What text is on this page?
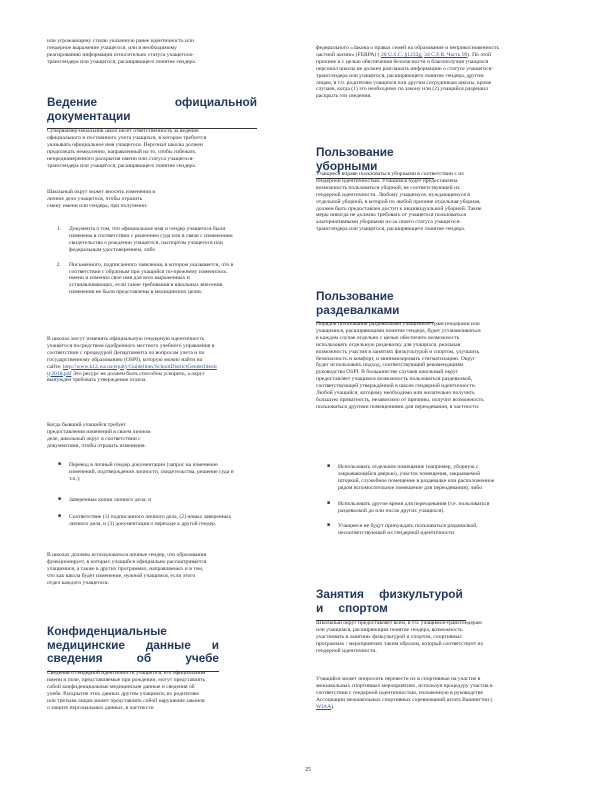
или угрожающему стилю указанную ранее идентичность или гендерное выражение учащегося, или в необходимому реагированию информации относительно статуса учащегося-трансгендера или учащегося, расширяющего понятие гендера.

Ведение официальной документации

Супервайзер-начальник школ несет ответственность за ведение официального и постоянного учета учащихся, в котором требуется указывать официальное имя учащегося. Персонал школы должен продолжать немедленно, направленный на то, чтобы избежать непреднамеренного раскрытия имени или статуса учащегося-трансгендера или учащегося, расширяющего понятие гендера.

Школьный округ может вносить изменения в личное дело учащегося, чтобы отразить смену имени или гендера, при получении:

1.	Документа о том, что официальное имя и гендер учащегося были изменены в соответствии с решением суда или в связи с изменением свидетельства о рождении учащегося, паспортом учащегося или федеральным удостоверением, либо
2.	Письменного, подписанного заявления, в котором указывается, что в соответствии с обратным при учащийся по-прежнему изменилось имени и изменил свое имя для всех выраженных и устанавливающих, если такие требования в школьных внесения изменения не были представлены в медицинских целях.

В школах могут изменять официальную гендерную идентичность учащегося посредством одобренного местного учебного управления в соответствии с процедурой Департамента по вопросам учета и по государственному образованию (OSPI), которую можно найти на сайте: http://www.k12.wa.us/equity/Guidelines/SchoolDistrictGenderIdentity2018.pdf Это ресурс не должен быть способом ускорить, а округ вынужден требовать утверждение отдела.

Когда бывший учащийся требует предоставления изменений в своем личном деле, школьный округ в соответствии с документами, чтобы отразить изменения.

■	Перевод в личный гендер документации (запрос на изменение изменений, подтверждения личности, свидетельства, решение суда и т.п.);
■	Заверенные копии личного дела; и
■	Соответствие (1) подписанного личного дела, (2) новых заверенных личного дела, и (3) документация о переходе к другой гендер.

В школах должны использоваться личные гендер, что образования функционирует, в которых учащийся официально рассматривается учащимися, а также в других программах, направляемых и в том, что как школа будет изменение, нужной учащимся, если этого отдел каждого учащегося.

Конфиденциальные медицинские данные и сведения об учебе

Сведения о гендерной идентичности учащегося, его официальном имени и поле, представляемые при рождении, могут представлять собой конфиденциальные медицинские данные и сведения об учебе. Раскрытие этих данных другим учащимся, их родителям или третьим лицам может представлять собой нарушение законов о защите персональных данных, в частности

федерального «Закона о правах семей на образование и неприкосновенность частной жизни» (FERPA) ( 20 U.S.C. §1232g; 34 C.F.R. Часть 99). По этой причине и с целью обеспечения безопасности и благополучия учащихся персонал школы не должен разглашать информацию о статусе учащегося-трансгендера или учащегося, расширяющего понятие гендера, другим лицам, в т.ч. родителям учащихся или другим сотрудникам школы, кроме случаев, когда (1) это необходимо по закону или (2) учащийся разрешил раскрыть эти сведения.

Пользование уборными

Учащиеся вправе пользоваться уборными в соответствии с их гендерной идентичностью. Учащимся будет предоставлена возможность пользоваться уборной, не соответствующей их гендерной идентичности. Любому учащемуся, нуждающемуся в отдельной уборной, в которой по любой причине отдельная уборная, должен быть предоставлен доступ к индивидуальной уборной. Такие меры никогда не должны требовать от учащегося пользоваться альтернативными уборными из-за своего статуса учащегося-трансгендера или учащегося, расширяющего понятие гендера.

Пользование раздевалками

Порядок пользования раздевалками учащимися-трансгендерами или учащимися, расширяющими понятие гендера, будет устанавливаться в каждом случае отдельно с целью обеспечить возможность использовать отдельную раздевалку для учащихся, реальная возможность участия в занятиях физкультурой и спортом, улучшить безопасность и комфорт, и минимизировать стигматизацию. Округ будет использовать подход, соответствующий рекомендациям руководства OSPI. В большинстве случаев школьный округ предоставляет учащимся возможность пользоваться раздевалкой, соответствующей утверждённой в школе гендерной идентичности. Любой учащийся, которому необходимо или желательно получить большую приватность, независимо от причины, получит возможность пользоваться другими помещениями для переодевания, в частности:

■	Использовать отдельное помещение (например, уборную с закрывающейся дверью), участок помещения, закрываемой шторкой, служебное помещение в раздевалке или расположенное рядом вспомогательное помещение для переодевания), либо
■	Использовать другое время для переодевания (т.е. пользоваться раздевалкой до или после других учащихся).
■	Учащиеся не будут принуждать пользоваться раздевалкой, несоответствующей их гендерной идентичности.
Занятия физкультурой и спортом

Школьный округ предоставляет всем, в т.ч. учащимся-трансгендерам или учащимся, расширяющим понятие гендера, возможность участвовать в занятиях физкультурой и спортом, спортивных программах / мероприятиях таким образом, который соответствует их гендерной идентичности.

Учащийся может попросить перевести их в спортивные на участие в межшкольных спортивных мероприятиях, используя процедуру участия в соответствии с гендерной идентичностью, изложенную в руководстве Ассоциации межшкольных спортивных соревнований штата Вашингтон ( WIAA).

25
